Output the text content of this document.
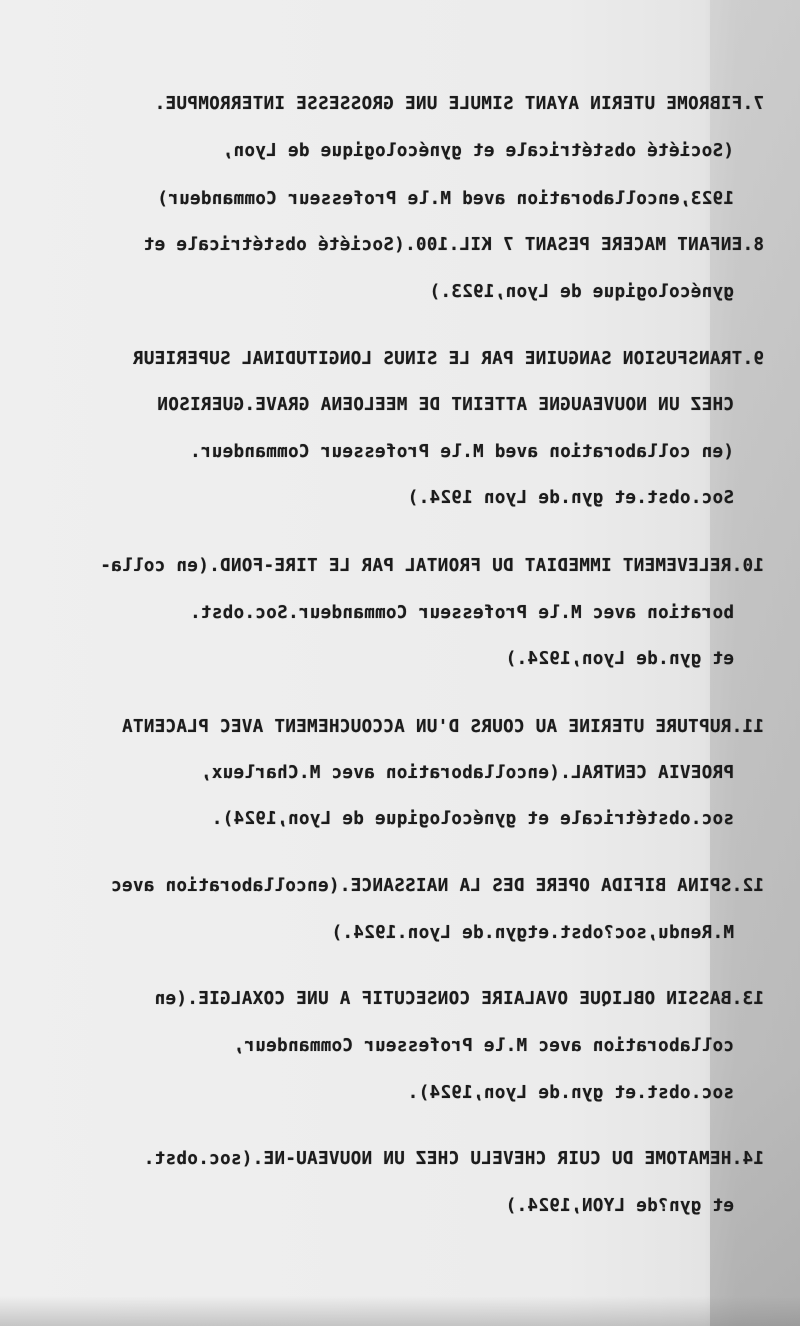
7.FIBROME UTERIN AYANT SIMULE UNE GROSSESSE INTERROMPUE.

(Société obstétricale et gynécologique de Lyon,

1923,encollaboration aved M.le Professeur Commandeur)

8.ENFANT MACERE PESANT 7 KIL.100.(Société obstétricale et

gynécologique de Lyon,1923.)

9.TRANSFUSION SANGUINE PAR LE SINUS LONGITUDINAL SUPERIEUR

CHEZ UN NOUVEAUGNE ATTEINT DE MEELOENA GRAVE.GUERISON

(en collaboration aved M.le Professeur Commandeur.

Soc.obst.et gyn.de Lyon 1924.)

10.RELEVEMENT IMMEDIAT DU FRONTAL PAR LE TIRE-FOND.(en colla-

boration avec M.le Professeur Commandeur.Soc.obst.

et gyn.de Lyon,1924.)

11.RUPTURE UTERINE AU COURS D'UN ACCOUCHEMENT AVEC PLACENTA

PROEVIA CENTRAL.(encollaboration avec M.Charleux,

soc.obstétricale et gynécologique de Lyon,1924).

12.SPINA BIFIDA OPERE DES LA NAISSANCE.(encollaboration avec

M.Rendu,soc?obst.etgyn.de Lyon.1924.)

13.BASSIN OBLIQUE OVALAIRE CONSECUTIF A UNE COXALGIE.(en

collaboration avec M.le Professeur Commandeur,

soc.obst.et gyn.de Lyon,1924).

14.HEMATOME DU CUIR CHEVELU CHEZ UN NOUVEAU-NE.(soc.obst.

et gyn?de LYON,1924.)
